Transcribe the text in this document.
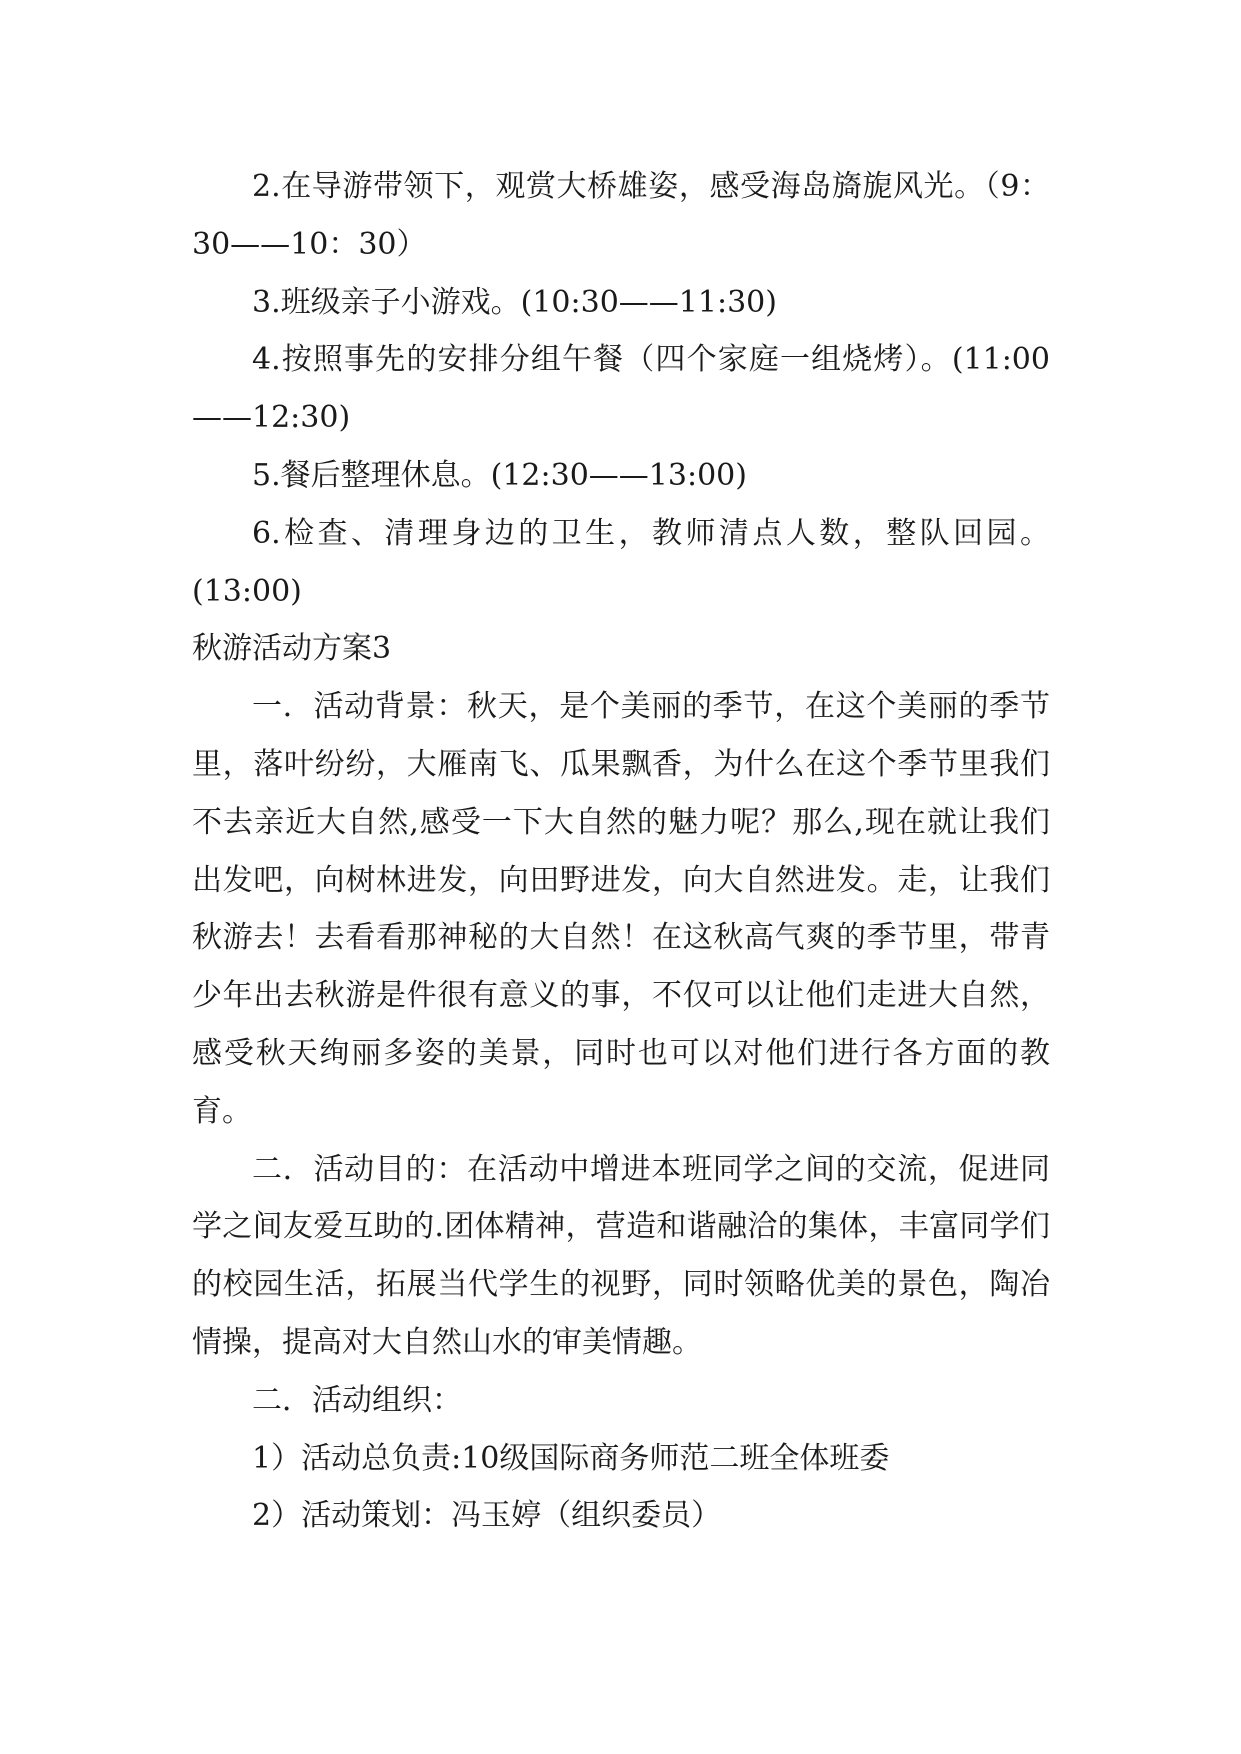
2.在导游带领下，观赏大桥雄姿，感受海岛旖旎风光。（9：30——10：30）

3.班级亲子小游戏。(10:30——11:30)

4.按照事先的安排分组午餐（四个家庭一组烧烤）。(11:00——12:30)

5.餐后整理休息。(12:30——13:00)

6.检查、清理身边的卫生，教师清点人数，整队回园。(13:00)

秋游活动方案3

一．活动背景：秋天，是个美丽的季节，在这个美丽的季节里，落叶纷纷，大雁南飞、瓜果飘香，为什么在这个季节里我们不去亲近大自然,感受一下大自然的魅力呢？那么,现在就让我们出发吧，向树林进发，向田野进发，向大自然进发。走，让我们秋游去！去看看那神秘的大自然！在这秋高气爽的季节里，带青少年出去秋游是件很有意义的事，不仅可以让他们走进大自然，感受秋天绚丽多姿的美景，同时也可以对他们进行各方面的教育。

二．活动目的：在活动中增进本班同学之间的交流，促进同学之间友爱互助的.团体精神，营造和谐融洽的集体，丰富同学们的校园生活，拓展当代学生的视野，同时领略优美的景色，陶冶情操，提高对大自然山水的审美情趣。

二．活动组织：

1）活动总负责:10级国际商务师范二班全体班委

2）活动策划：冯玉婷（组织委员）
